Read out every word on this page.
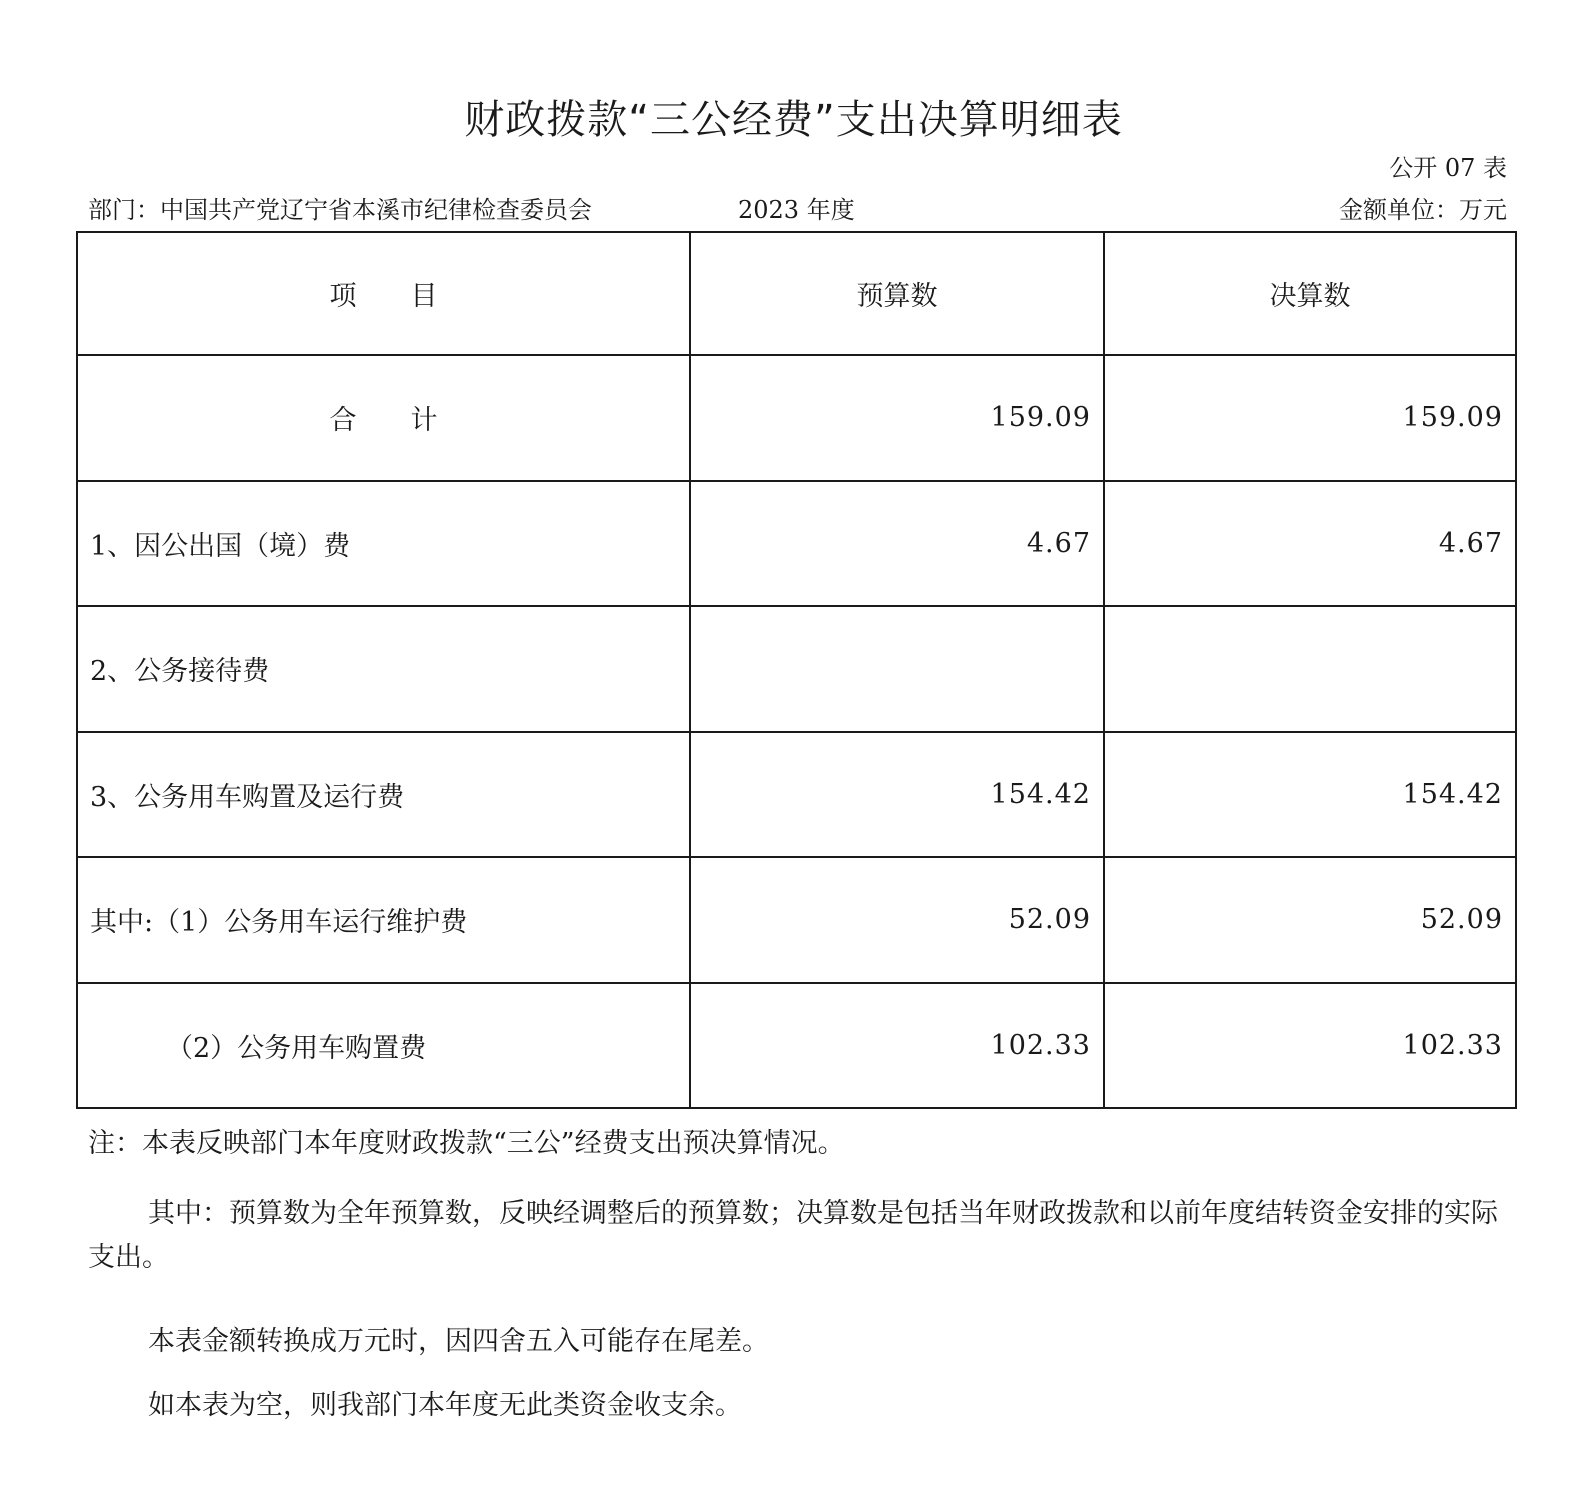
财政拨款“三公经费”支出决算明细表
公开 07 表
部门：中国共产党辽宁省本溪市纪律检查委员会	2023 年度	金额单位：万元
项　　目	预算数	决算数
合　　计	159.09	159.09
1、因公出国（境）费	4.67	4.67
2、公务接待费		
3、公务用车购置及运行费	154.42	154.42
其中:（1）公务用车运行维护费	52.09	52.09
（2）公务用车购置费	102.33	102.33

注：本表反映部门本年度财政拨款“三公”经费支出预决算情况。

其中：预算数为全年预算数，反映经调整后的预算数；决算数是包括当年财政拨款和以前年度结转资金安排的实际支出。

本表金额转换成万元时，因四舍五入可能存在尾差。

如本表为空，则我部门本年度无此类资金收支余。
